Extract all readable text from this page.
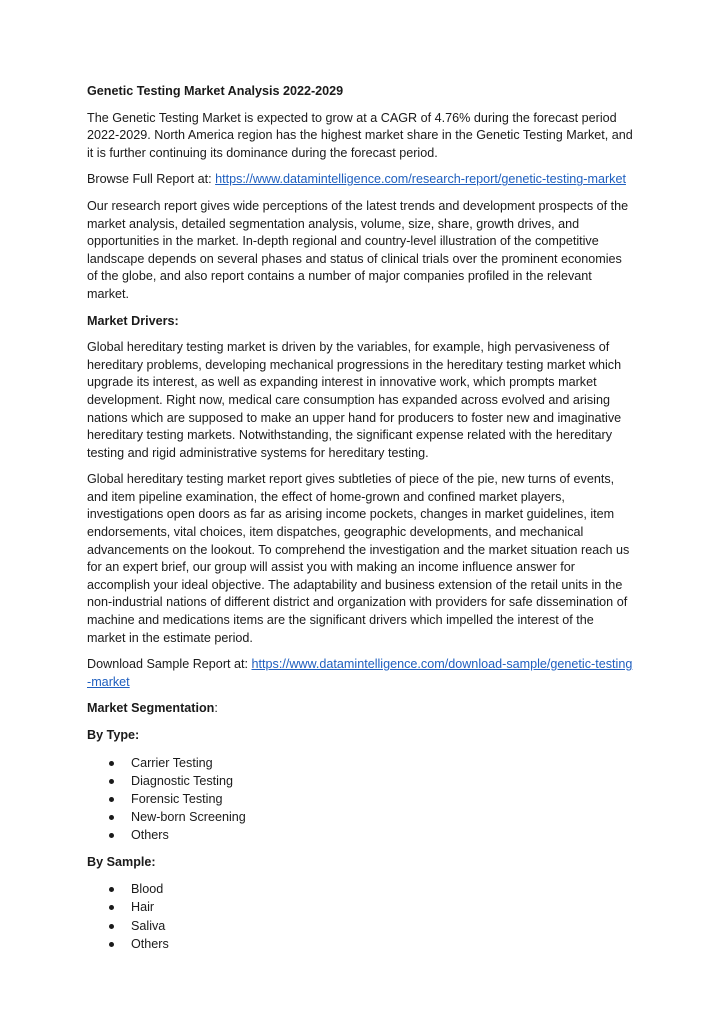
Genetic Testing Market Analysis 2022-2029

The Genetic Testing Market is expected to grow at a CAGR of 4.76% during the forecast period 2022-2029. North America region has the highest market share in the Genetic Testing Market, and it is further continuing its dominance during the forecast period.

Browse Full Report at: https://www.datamintelligence.com/research-report/genetic-testing-market

Our research report gives wide perceptions of the latest trends and development prospects of the market analysis, detailed segmentation analysis, volume, size, share, growth drives, and opportunities in the market. In-depth regional and country-level illustration of the competitive landscape depends on several phases and status of clinical trials over the prominent economies of the globe, and also report contains a number of major companies profiled in the relevant market.

Market Drivers:

Global hereditary testing market is driven by the variables, for example, high pervasiveness of hereditary problems, developing mechanical progressions in the hereditary testing market which upgrade its interest, as well as expanding interest in innovative work, which prompts market development. Right now, medical care consumption has expanded across evolved and arising nations which are supposed to make an upper hand for producers to foster new and imaginative hereditary testing markets. Notwithstanding, the significant expense related with the hereditary testing and rigid administrative systems for hereditary testing.

Global hereditary testing market report gives subtleties of piece of the pie, new turns of events, and item pipeline examination, the effect of home-grown and confined market players, investigations open doors as far as arising income pockets, changes in market guidelines, item endorsements, vital choices, item dispatches, geographic developments, and mechanical advancements on the lookout. To comprehend the investigation and the market situation reach us for an expert brief, our group will assist you with making an income influence answer for accomplish your ideal objective. The adaptability and business extension of the retail units in the non-industrial nations of different district and organization with providers for safe dissemination of machine and medications items are the significant drivers which impelled the interest of the market in the estimate period.

Download Sample Report at: https://www.datamintelligence.com/download-sample/genetic-testing-market

Market Segmentation:

By Type:
Carrier Testing
Diagnostic Testing
Forensic Testing
New-born Screening
Others
By Sample:
Blood
Hair
Saliva
Others
